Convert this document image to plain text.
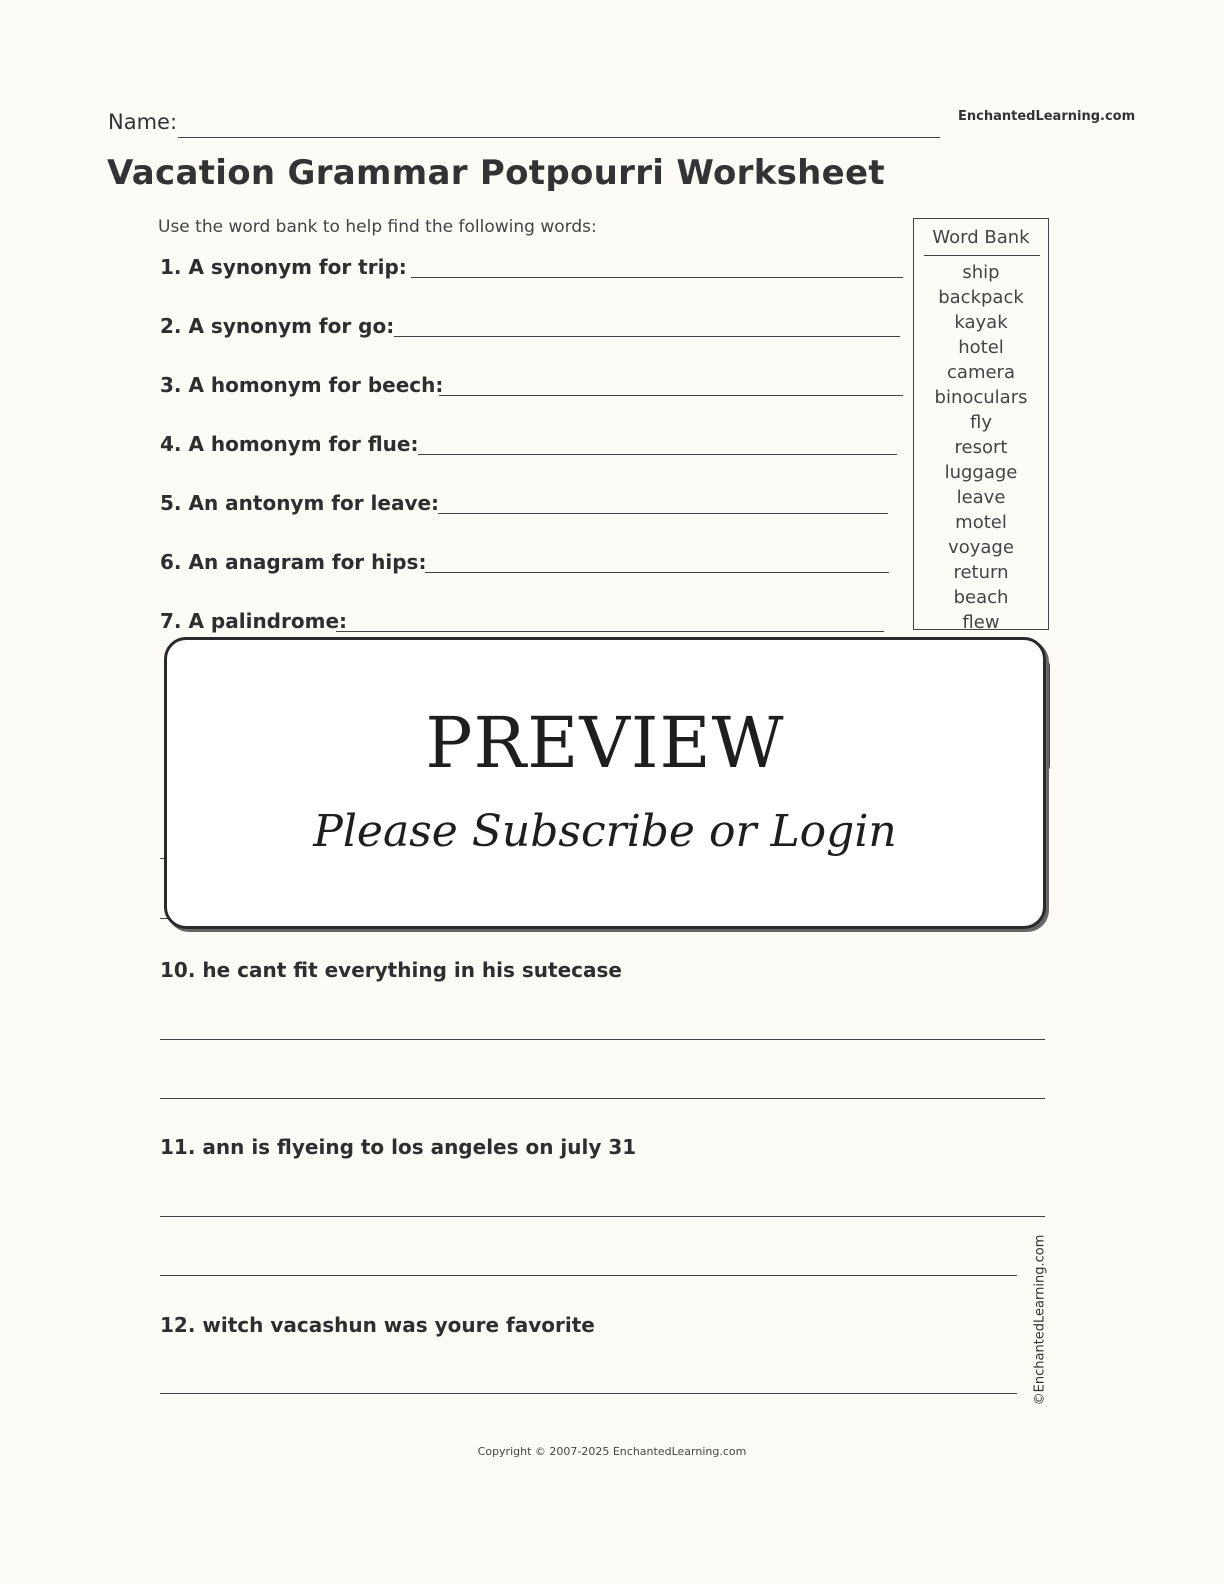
Name:	EnchantedLearning.com
Vacation Grammar Potpourri Worksheet
Use the word bank to help find the following words:
1. A synonym for trip:
2. A synonym for go:
3. A homonym for beech:
4. A homonym for flue:
5. An antonym for leave:
6. An anagram for hips:
7. A palindrome:
Word Bank
ship
backpack
kayak
hotel
camera
binoculars
fly
resort
luggage
leave
motel
voyage
return
beach
flew
PREVIEW
Please Subscribe or Login
10. he cant fit everything in his sutecase
11. ann is flyeing to los angeles on july 31
12. witch vacashun was youre favorite	©EnchantedLearning.com
Copyright © 2007-2025 EnchantedLearning.com
